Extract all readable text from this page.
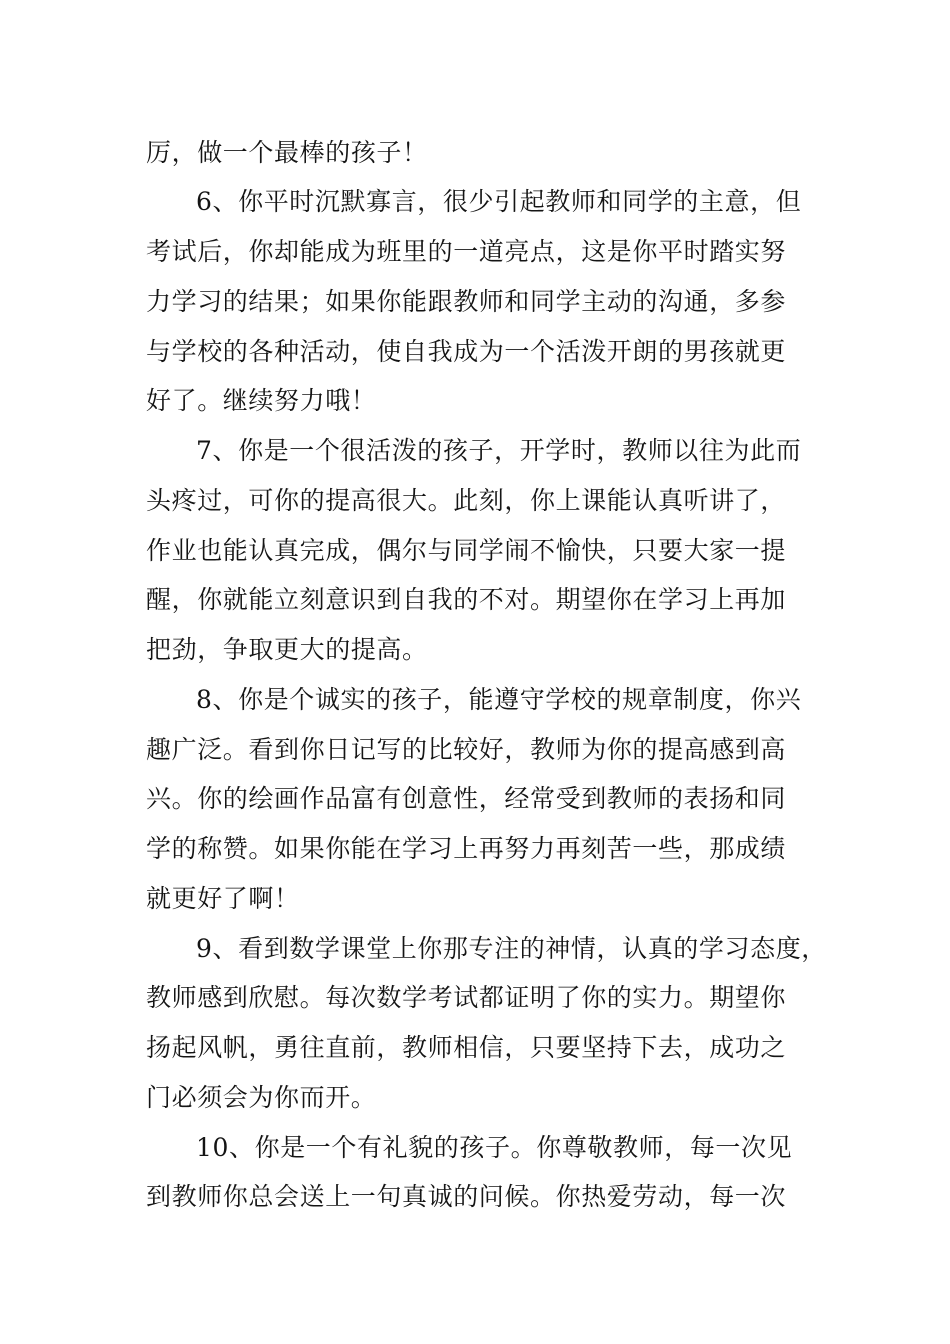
厉，做一个最棒的孩子！
6、你平时沉默寡言，很少引起教师和同学的主意，但
考试后，你却能成为班里的一道亮点，这是你平时踏实努
力学习的结果；如果你能跟教师和同学主动的沟通，多参
与学校的各种活动，使自我成为一个活泼开朗的男孩就更
好了。继续努力哦！
7、你是一个很活泼的孩子，开学时，教师以往为此而
头疼过，可你的提高很大。此刻，你上课能认真听讲了，
作业也能认真完成，偶尔与同学闹不愉快，只要大家一提
醒，你就能立刻意识到自我的不对。期望你在学习上再加
把劲，争取更大的提高。
8、你是个诚实的孩子，能遵守学校的规章制度，你兴
趣广泛。看到你日记写的比较好，教师为你的提高感到高
兴。你的绘画作品富有创意性，经常受到教师的表扬和同
学的称赞。如果你能在学习上再努力再刻苦一些，那成绩
就更好了啊！
9、看到数学课堂上你那专注的神情，认真的学习态度，
教师感到欣慰。每次数学考试都证明了你的实力。期望你
扬起风帆，勇往直前，教师相信，只要坚持下去，成功之
门必须会为你而开。
10、你是一个有礼貌的孩子。你尊敬教师，每一次见
到教师你总会送上一句真诚的问候。你热爱劳动，每一次
